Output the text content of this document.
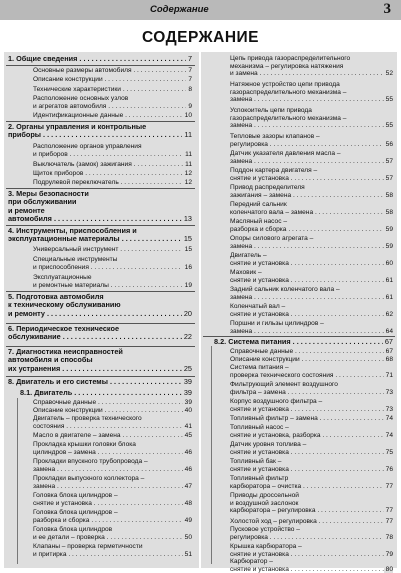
Содержание	3
СОДЕРЖАНИЕ
1. Общие сведения . . .	7
Основные размеры автомобиля . . .	7
Описание конструкции . . .	7
Технические характеристики . . .	8
Расположение основных узлов
и агрегатов автомобиля . . .	9
Идентификационные данные . . .	10
2. Органы управления и контрольные
приборы . . .	11
Расположение органов управления
и приборов . . .	11
Выключатель (замок) зажигания . . .	11
Щиток приборов . . .	12
Подрулевой переключатель . . .	12
3. Меры безопасности
при обслуживании
и ремонте
автомобиля . . .	13
4. Инструменты, приспособления и
эксплуатационные материалы . . .	15
Универсальный инструмент . . .	15
Специальные инструменты
и приспособления . . .	16
Эксплуатационные
и ремонтные материалы . . .	19
5. Подготовка автомобиля
к техническому обслуживанию
и ремонту . . .	20
6. Периодическое техническое
обслуживание . . .	22
7. Диагностика неисправностей
автомобиля и способы
их устранения . . .	25
8. Двигатель и его системы . . .	39
8.1. Двигатель . . .	39
Справочные данные . . .	39
Описание конструкции . . .	40
Двигатель – проверка технического
состояния . . .	41
Масло в двигателе – замена . . .	45
Прокладка крышки головки блока
цилиндров – замена . . .	46
Прокладки впускного трубопровода –
замена . . .	46
Прокладки выпускного коллектора –
замена . . .	47
Головка блока цилиндров –
снятие и установка . . .	48
Головка блока цилиндров –
разборка и сборка . . .	49
Головка блока цилиндров
и ее детали – проверка . . .	50
Клапаны – проверка герметичности
и притирка . . .	51
Цепь привода газораспределительного
механизма – регулировка натяжения
и замена . . .	52
Натяжное устройство цепи привода
газораспределительного механизма –
замена . . .	55
Успокоитель цепи привода
газораспределительного механизма –
замена . . .	55
Тепловые зазоры клапанов –
регулировка . . .	56
Датчик указателя давления масла –
замена . . .	57
Поддон картера двигателя –
снятие и установка . . .	57
Привод распределителя
зажигания – замена . . .	58
Передний сальник
коленчатого вала – замена . . .	58
Масляный насос –
разборка и сборка . . .	59
Опоры силового агрегата –
замена . . .	59
Двигатель –
снятие и установка . . .	60
Маховик –
снятие и установка . . .	61
Задний сальник коленчатого вала –
замена . . .	61
Коленчатый вал –
снятие и установка . . .	62
Поршни и гильзы цилиндров –
замена . . .	64
8.2. Система питания . . .	67
Справочные данные . . .	67
Описание конструкции . . .	68
Система питания –
проверка технического состояния . . .	71
Фильтрующий элемент воздушного
фильтра – замена . . .	73
Корпус воздушного фильтра –
снятие и установка . . .	73
Топливный фильтр – замена . . .	74
Топливный насос –
снятие и установка, разборка . . .	74
Датчик уровня топлива –
снятие и установка . . .	75
Топливный бак –
снятие и установка . . .	76
Топливный фильтр
карбюратора – очистка . . .	77
Приводы дроссельной
и воздушной заслонок
карбюратора – регулировка . . .	77
Холостой ход – регулировка . . .	77
Пусковое устройство –
регулировка . . .	78
Крышка карбюратора –
снятие и установка . . .	79
Карбюратор –
снятие и установка . . .	80
